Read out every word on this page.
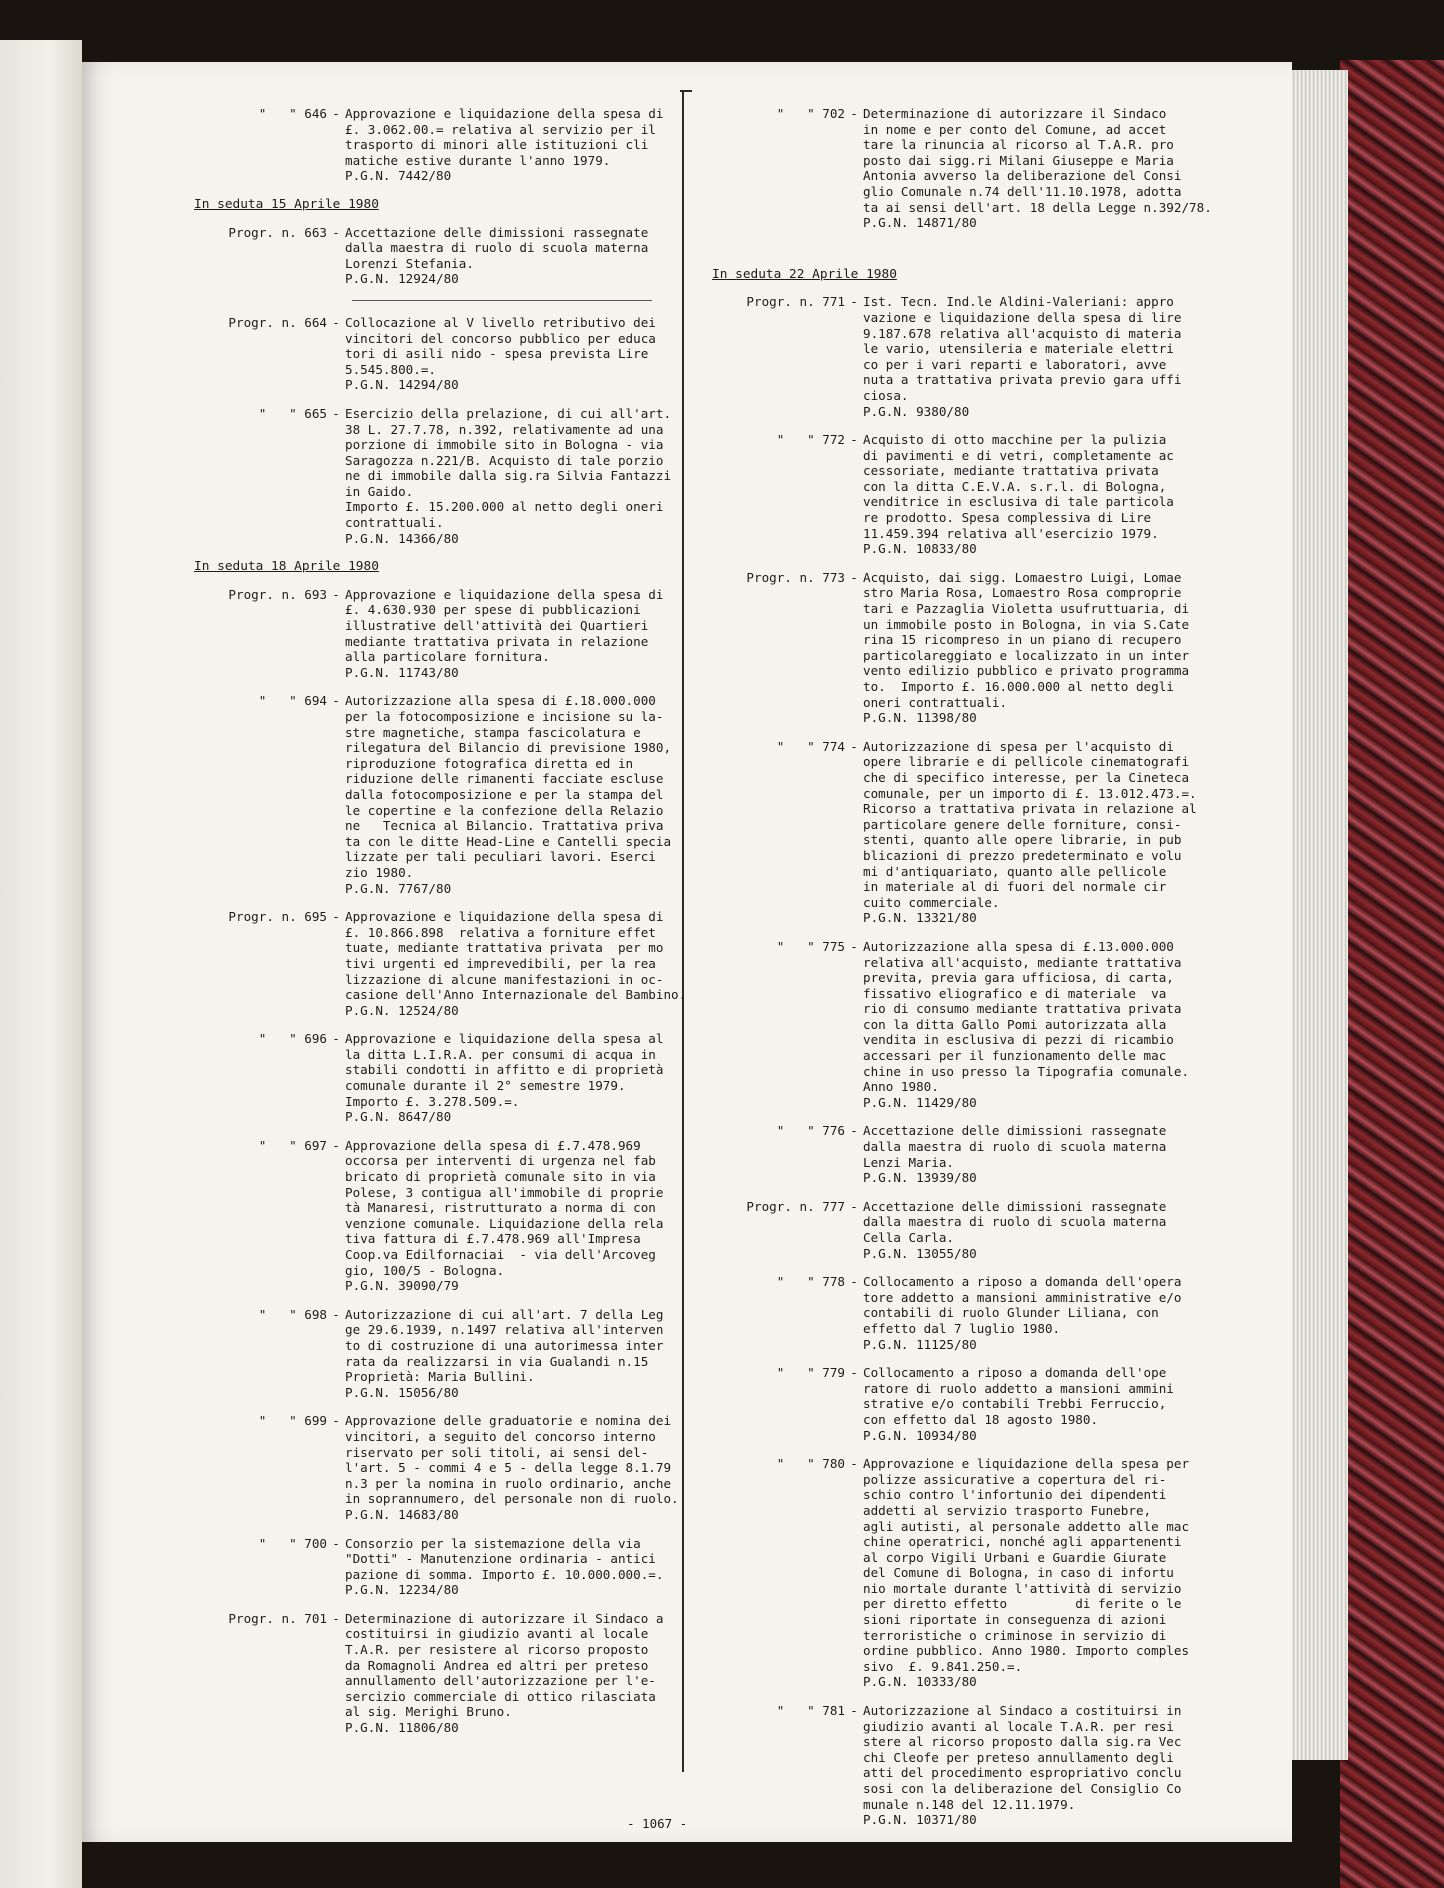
"   " 646 - Approvazione e liquidazione della spesa di
£. 3.062.00.= relativa al servizio per il
trasporto di minori alle istituzioni cli
matiche estive durante l'anno 1979.
P.G.N. 7442/80
In seduta 15 Aprile 1980
Progr. n. 663 - Accettazione delle dimissioni rassegnate
dalla maestra di ruolo di scuola materna
Lorenzi Stefania.
P.G.N. 12924/80
Progr. n. 664 - Collocazione al V livello retributivo dei
vincitori del concorso pubblico per educa
tori di asili nido - spesa prevista Lire
5.545.800.=.
P.G.N. 14294/80
"   " 665 - Esercizio della prelazione, di cui all'art.
38 L. 27.7.78, n.392, relativamente ad una
porzione di immobile sito in Bologna - via
Saragozza n.221/B. Acquisto di tale porzio
ne di immobile dalla sig.ra Silvia Fantazzi
in Gaido.
Importo £. 15.200.000 al netto degli oneri
contrattuali.
P.G.N. 14366/80
In seduta 18 Aprile 1980
Progr. n. 693 - Approvazione e liquidazione della spesa di
£. 4.630.930 per spese di pubblicazioni
illustrative dell'attività dei Quartieri
mediante trattativa privata in relazione
alla particolare fornitura.
P.G.N. 11743/80
"   " 694 - Autorizzazione alla spesa di £.18.000.000
per la fotocomposizione e incisione su la-
stre magnetiche, stampa fascicolatura e
rilegatura del Bilancio di previsione 1980,
riproduzione fotografica diretta ed in
riduzione delle rimanenti facciate escluse
dalla fotocomposizione e per la stampa del
le copertine e la confezione della Relazio
ne   Tecnica al Bilancio. Trattativa priva
ta con le ditte Head-Line e Cantelli specia
lizzate per tali peculiari lavori. Eserci
zio 1980.
P.G.N. 7767/80
Progr. n. 695 - Approvazione e liquidazione della spesa di
£. 10.866.898  relativa a forniture effet
tuate, mediante trattativa privata  per mo
tivi urgenti ed imprevedibili, per la rea
lizzazione di alcune manifestazioni in oc-
casione dell'Anno Internazionale del Bambino.
P.G.N. 12524/80
"   " 696 - Approvazione e liquidazione della spesa al
la ditta L.I.R.A. per consumi di acqua in
stabili condotti in affitto e di proprietà
comunale durante il 2° semestre 1979.
Importo £. 3.278.509.=.
P.G.N. 8647/80
"   " 697 - Approvazione della spesa di £.7.478.969
occorsa per interventi di urgenza nel fab
bricato di proprietà comunale sito in via
Polese, 3 contigua all'immobile di proprie
tà Manaresi, ristrutturato a norma di con
venzione comunale. Liquidazione della rela
tiva fattura di £.7.478.969 all'Impresa
Coop.va Edilfornaciai  - via dell'Arcoveg
gio, 100/5 - Bologna.
P.G.N. 39090/79
"   " 698 - Autorizzazione di cui all'art. 7 della Leg
ge 29.6.1939, n.1497 relativa all'interven
to di costruzione di una autorimessa inter
rata da realizzarsi in via Gualandi n.15
Proprietà: Maria Bullini.
P.G.N. 15056/80
"   " 699 - Approvazione delle graduatorie e nomina dei
vincitori, a seguito del concorso interno
riservato per soli titoli, ai sensi del-
l'art. 5 - commi 4 e 5 - della legge 8.1.79
n.3 per la nomina in ruolo ordinario, anche
in soprannumero, del personale non di ruolo.
P.G.N. 14683/80
"   " 700 - Consorzio per la sistemazione della via
"Dotti" - Manutenzione ordinaria - antici
pazione di somma. Importo £. 10.000.000.=.
P.G.N. 12234/80
Progr. n. 701 - Determinazione di autorizzare il Sindaco a
costituirsi in giudizio avanti al locale
T.A.R. per resistere al ricorso proposto
da Romagnoli Andrea ed altri per preteso
annullamento dell'autorizzazione per l'e-
sercizio commerciale di ottico rilasciata
al sig. Merighi Bruno.
P.G.N. 11806/80
"   " 702 - Determinazione di autorizzare il Sindaco
in nome e per conto del Comune, ad accet
tare la rinuncia al ricorso al T.A.R. pro
posto dai sigg.ri Milani Giuseppe e Maria
Antonia avverso la deliberazione del Consi
glio Comunale n.74 dell'11.10.1978, adotta
ta ai sensi dell'art. 18 della Legge n.392/78.
P.G.N. 14871/80
In seduta 22 Aprile 1980
Progr. n. 771 - Ist. Tecn. Ind.le Aldini-Valeriani: appro
vazione e liquidazione della spesa di lire
9.187.678 relativa all'acquisto di materia
le vario, utensileria e materiale elettri
co per i vari reparti e laboratori, avve
nuta a trattativa privata previo gara uffi
ciosa.
P.G.N. 9380/80
"   " 772 - Acquisto di otto macchine per la pulizia
di pavimenti e di vetri, completamente ac
cessoriate, mediante trattativa privata
con la ditta C.E.V.A. s.r.l. di Bologna,
venditrice in esclusiva di tale particola
re prodotto. Spesa complessiva di Lire
11.459.394 relativa all'esercizio 1979.
P.G.N. 10833/80
Progr. n. 773 - Acquisto, dai sigg. Lomaestro Luigi, Lomae
stro Maria Rosa, Lomaestro Rosa comproprie
tari e Pazzaglia Violetta usufruttuaria, di
un immobile posto in Bologna, in via S.Cate
rina 15 ricompreso in un piano di recupero
particolareggiato e localizzato in un inter
vento edilizio pubblico e privato programma
to.  Importo £. 16.000.000 al netto degli
oneri contrattuali.
P.G.N. 11398/80
"   " 774 - Autorizzazione di spesa per l'acquisto di
opere librarie e di pellicole cinematografi
che di specifico interesse, per la Cineteca
comunale, per un importo di £. 13.012.473.=.
Ricorso a trattativa privata in relazione al
particolare genere delle forniture, consi-
stenti, quanto alle opere librarie, in pub
blicazioni di prezzo predeterminato e volu
mi d'antiquariato, quanto alle pellicole
in materiale al di fuori del normale cir
cuito commerciale.
P.G.N. 13321/80
"   " 775 - Autorizzazione alla spesa di £.13.000.000
relativa all'acquisto, mediante trattativa
previta, previa gara ufficiosa, di carta,
fissativo eliografico e di materiale  va
rio di consumo mediante trattativa privata
con la ditta Gallo Pomi autorizzata alla
vendita in esclusiva di pezzi di ricambio
accessari per il funzionamento delle mac
chine in uso presso la Tipografia comunale.
Anno 1980.
P.G.N. 11429/80
"   " 776 - Accettazione delle dimissioni rassegnate
dalla maestra di ruolo di scuola materna
Lenzi Maria.
P.G.N. 13939/80
Progr. n. 777 - Accettazione delle dimissioni rassegnate
dalla maestra di ruolo di scuola materna
Cella Carla.
P.G.N. 13055/80
"   " 778 - Collocamento a riposo a domanda dell'opera
tore addetto a mansioni amministrative e/o
contabili di ruolo Glunder Liliana, con
effetto dal 7 luglio 1980.
P.G.N. 11125/80
"   " 779 - Collocamento a riposo a domanda dell'ope
ratore di ruolo addetto a mansioni ammini
strative e/o contabili Trebbi Ferruccio,
con effetto dal 18 agosto 1980.
P.G.N. 10934/80
"   " 780 - Approvazione e liquidazione della spesa per
polizze assicurative a copertura del ri-
schio contro l'infortunio dei dipendenti
addetti al servizio trasporto Funebre,
agli autisti, al personale addetto alle mac
chine operatrici, nonché agli appartenenti
al corpo Vigili Urbani e Guardie Giurate
del Comune di Bologna, in caso di infortu
nio mortale durante l'attività di servizio
per diretto effetto         di ferite o le
sioni riportate in conseguenza di azioni
terroristiche o criminose in servizio di
ordine pubblico. Anno 1980. Importo comples
sivo  £. 9.841.250.=.
P.G.N. 10333/80
"   " 781 - Autorizzazione al Sindaco a costituirsi in
giudizio avanti al locale T.A.R. per resi
stere al ricorso proposto dalla sig.ra Vec
chi Cleofe per preteso annullamento degli
atti del procedimento espropriativo conclu
sosi con la deliberazione del Consiglio Co
munale n.148 del 12.11.1979.
P.G.N. 10371/80
- 1067 -
